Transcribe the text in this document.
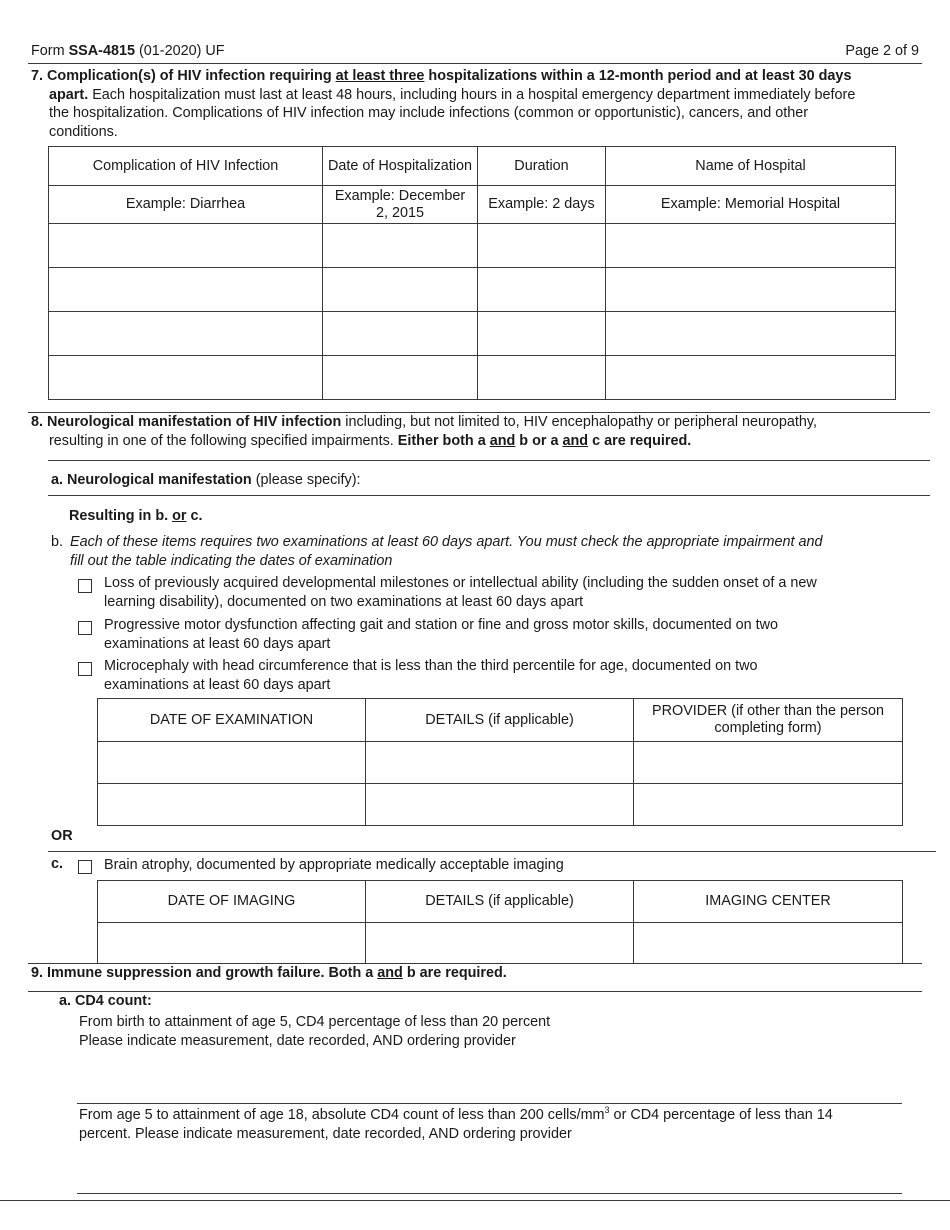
Form SSA-4815 (01-2020) UF	Page 2 of 9
7. Complication(s) of HIV infection requiring at least three hospitalizations within a 12-month period and at least 30 days
apart. Each hospitalization must last at least 48 hours, including hours in a hospital emergency department immediately before
the hospitalization. Complications of HIV infection may include infections (common or opportunistic), cancers, and other
conditions.
Complication of HIV Infection	Date of Hospitalization	Duration	Name of Hospital
Example: Diarrhea	Example: December 2, 2015	Example: 2 days	Example: Memorial Hospital

8. Neurological manifestation of HIV infection including, but not limited to, HIV encephalopathy or peripheral neuropathy,
resulting in one of the following specified impairments. Either both a and b or a and c are required.
a. Neurological manifestation (please specify):
Resulting in b. or c.
b. Each of these items requires two examinations at least 60 days apart. You must check the appropriate impairment and
fill out the table indicating the dates of examination
Loss of previously acquired developmental milestones or intellectual ability (including the sudden onset of a new
learning disability), documented on two examinations at least 60 days apart
Progressive motor dysfunction affecting gait and station or fine and gross motor skills, documented on two
examinations at least 60 days apart
Microcephaly with head circumference that is less than the third percentile for age, documented on two
examinations at least 60 days apart
DATE OF EXAMINATION	DETAILS (if applicable)	PROVIDER (if other than the person completing form)

OR
c.	Brain atrophy, documented by appropriate medically acceptable imaging
DATE OF IMAGING	DETAILS (if applicable)	IMAGING CENTER

9. Immune suppression and growth failure. Both a and b are required.
a. CD4 count:
From birth to attainment of age 5, CD4 percentage of less than 20 percent
Please indicate measurement, date recorded, AND ordering provider
From age 5 to attainment of age 18, absolute CD4 count of less than 200 cells/$mm^3$ or CD4 percentage of less than 14
percent. Please indicate measurement, date recorded, AND ordering provider
